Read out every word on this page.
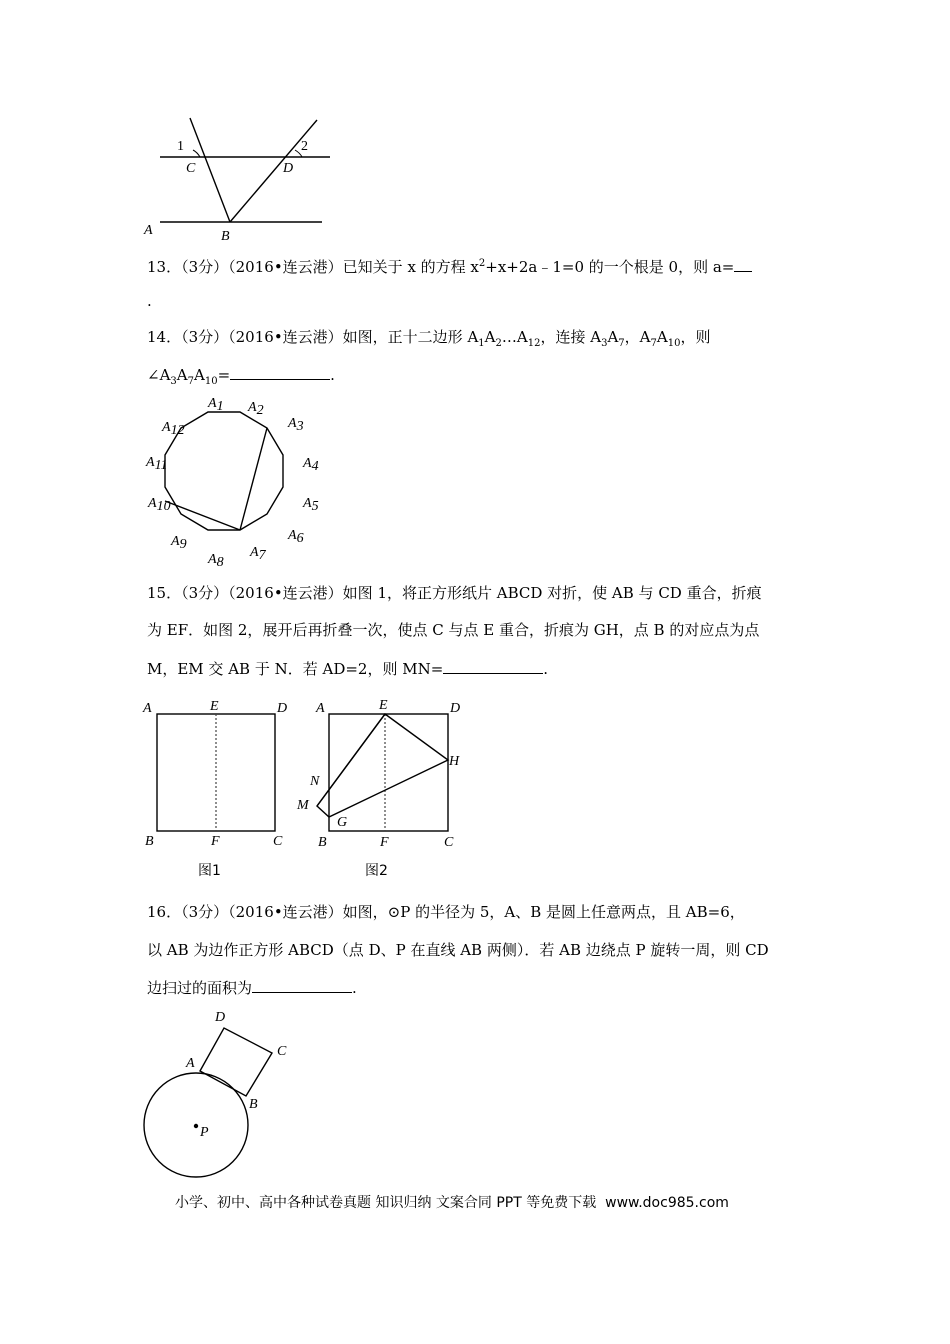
1	2
C	D
A	B
13．（3分）（2016•连云港）已知关于 x 的方程 $x^2+x+2a﹣1=0$ 的一个根是 0，则 a=
.
14．（3分）（2016•连云港）如图，正十二边形 $A_1A_2\dots A_{12}$，连接 $A_3A_7$，$A_7A_{10}$，则
$\angle A_3A_7A_{10}=$	.
A1 A2
A3
A4
A5
A6
A7
A8
A9
A10
A11
A12
15．（3分）（2016•连云港）如图 1，将正方形纸片 ABCD 对折，使 AB 与 CD 重合，折痕
为 EF．如图 2，展开后再折叠一次，使点 C 与点 E 重合，折痕为 GH，点 B 的对应点为点
M，EM 交 AB 于 N．若 AD=2，则 MN=	.
A	E	D
B	F	C
图1
A	E	D
H
N
M
G
B	F	C
图2
16．（3分）（2016•连云港）如图，⊙P 的半径为 5，A、B 是圆上任意两点，且 AB=6，
以 AB 为边作正方形 ABCD（点 D、P 在直线 AB 两侧）．若 AB 边绕点 P 旋转一周，则 CD
边扫过的面积为	.
D
A
C
B
P
小学、初中、高中各种试卷真题 知识归纳 文案合同 PPT 等免费下载 www.doc985.com
